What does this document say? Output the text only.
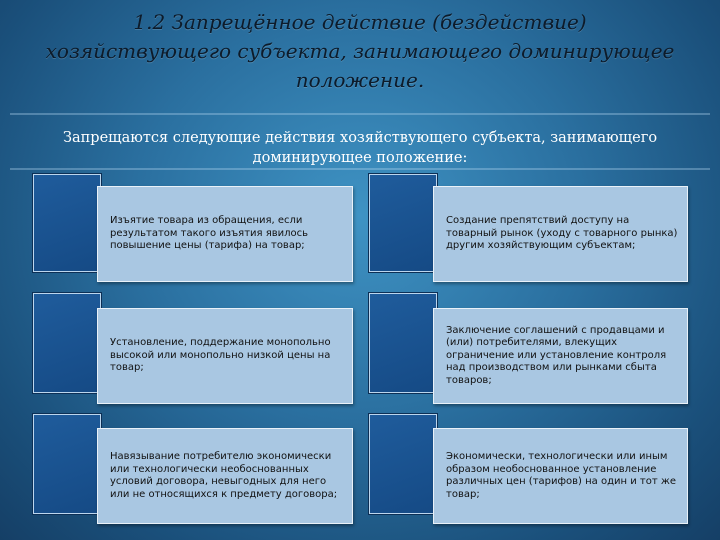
1.2 Запрещённое действие (бездействие)
хозяйствующего субъекта, занимающего доминирующее
положение.
Запрещаются следующие действия хозяйствующего субъекта, занимающего
доминирующее положение:
Изъятие товара из обращения, если результатом такого изъятия явилось повышение цены (тарифа) на товар;
Создание препятствий доступу на товарный рынок (уходу с товарного рынка) другим хозяйствующим субъектам;
Установление, поддержание монопольно высокой или монопольно низкой цены на товар;
Заключение соглашений с продавцами и (или) потребителями, влекущих ограничение или установление контроля над производством или рынками сбыта товаров;
Навязывание потребителю экономически или технологически необоснованных условий договора, невыгодных для него или не относящихся к предмету договора;
Экономически, технологически или иным образом необоснованное установление различных цен (тарифов) на один и тот же товар;
